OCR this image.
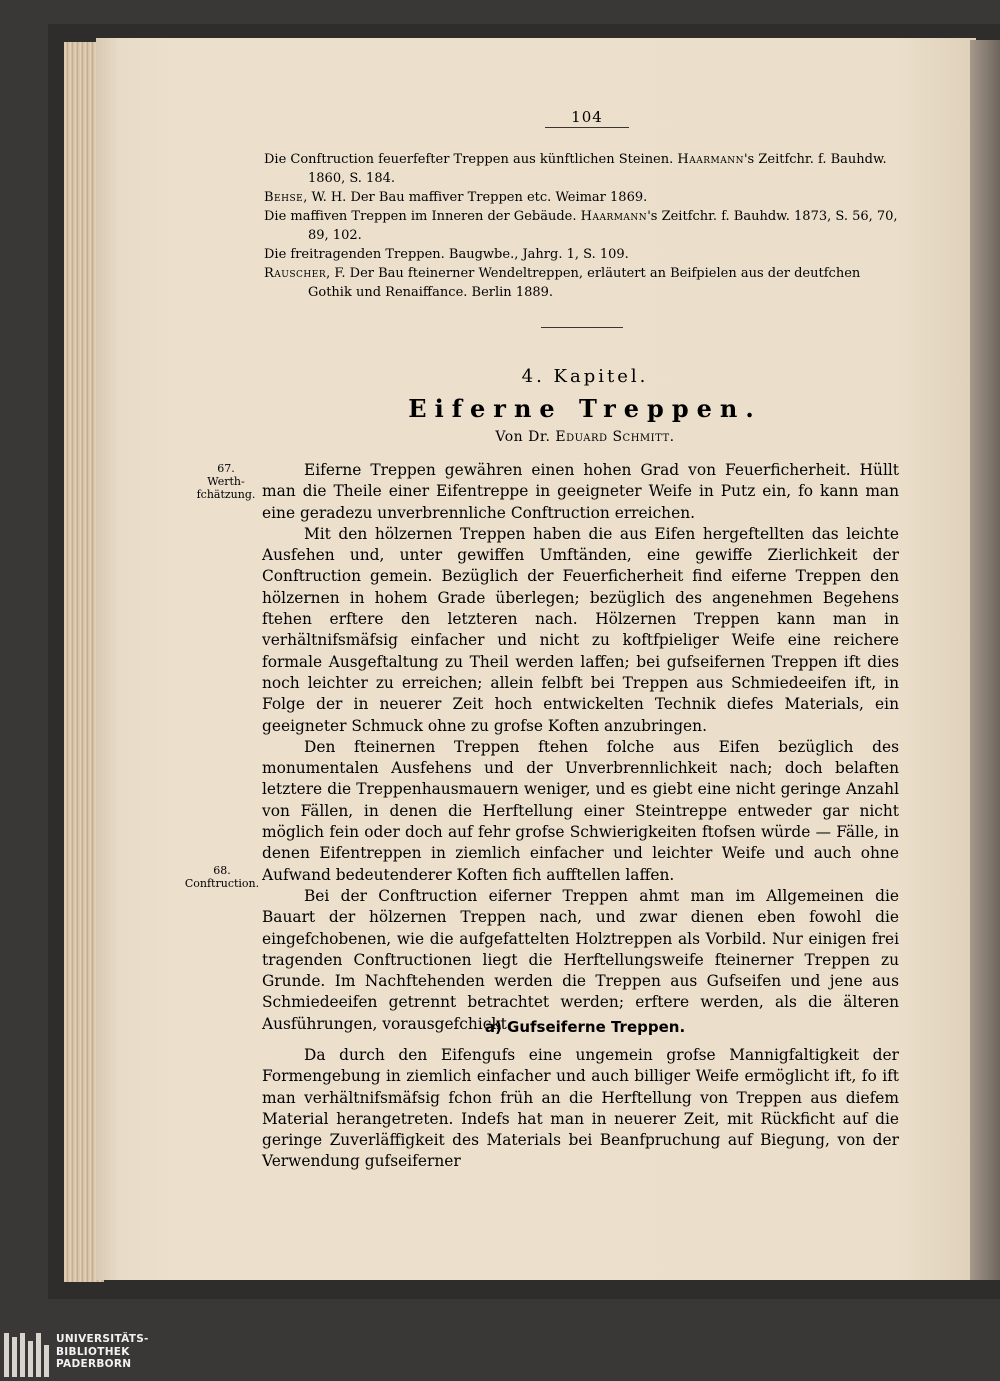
104

Die Conftruction feuerfefter Treppen aus künftlichen Steinen. Haarmann's Zeitfchr. f. Bauhdw. 1860, S. 184.

Behse, W. H. Der Bau maffiver Treppen etc. Weimar 1869.

Die maffiven Treppen im Inneren der Gebäude. Haarmann's Zeitfchr. f. Bauhdw. 1873, S. 56, 70, 89, 102.

Die freitragenden Treppen. Baugwbe., Jahrg. 1, S. 109.

Rauscher, F. Der Bau fteinerner Wendeltreppen, erläutert an Beifpielen aus der deutfchen Gothik und Renaiffance. Berlin 1889.

4. Kapitel.
Eiferne Treppen.
Von Dr. Eduard Schmitt.
67.
Werth-
fchätzung.
68.
Conftruction.

Eiferne Treppen gewähren einen hohen Grad von Feuerficherheit. Hüllt man die Theile einer Eifentreppe in geeigneter Weife in Putz ein, fo kann man eine geradezu unverbrennliche Conftruction erreichen.

Mit den hölzernen Treppen haben die aus Eifen hergeftellten das leichte Ausfehen und, unter gewiffen Umftänden, eine gewiffe Zierlichkeit der Conftruction gemein. Bezüglich der Feuerficherheit find eiferne Treppen den hölzernen in hohem Grade überlegen; bezüglich des angenehmen Begehens ftehen erftere den letzteren nach. Hölzernen Treppen kann man in verhältnifsmäfsig einfacher und nicht zu koftfpieliger Weife eine reichere formale Ausgeftaltung zu Theil werden laffen; bei gufseifernen Treppen ift dies noch leichter zu erreichen; allein felbft bei Treppen aus Schmiedeeifen ift, in Folge der in neuerer Zeit hoch entwickelten Technik diefes Materials, ein geeigneter Schmuck ohne zu grofse Koften anzubringen.

Den fteinernen Treppen ftehen folche aus Eifen bezüglich des monumentalen Ausfehens und der Unverbrennlichkeit nach; doch belaften letztere die Treppenhausmauern weniger, und es giebt eine nicht geringe Anzahl von Fällen, in denen die Herftellung einer Steintreppe entweder gar nicht möglich fein oder doch auf fehr grofse Schwierigkeiten ftofsen würde — Fälle, in denen Eifentreppen in ziemlich einfacher und leichter Weife und auch ohne Aufwand bedeutenderer Koften fich aufftellen laffen.

Bei der Conftruction eiferner Treppen ahmt man im Allgemeinen die Bauart der hölzernen Treppen nach, und zwar dienen eben fowohl die eingefchobenen, wie die aufgefattelten Holztreppen als Vorbild. Nur einigen frei tragenden Conftructionen liegt die Herftellungsweife fteinerner Treppen zu Grunde. Im Nachftehenden werden die Treppen aus Gufseifen und jene aus Schmiedeeifen getrennt betrachtet werden; erftere werden, als die älteren Ausführungen, vorausgefchickt.

a) Gufseiferne Treppen.

Da durch den Eifengufs eine ungemein grofse Mannigfaltigkeit der Formengebung in ziemlich einfacher und auch billiger Weife ermöglicht ift, fo ift man verhältnifsmäfsig fchon früh an die Herftellung von Treppen aus diefem Material herangetreten. Indefs hat man in neuerer Zeit, mit Rückficht auf die geringe Zuverläffigkeit des Materials bei Beanfpruchung auf Biegung, von der Verwendung gufseiferner

UNIVERSITÄTS-
BIBLIOTHEK
PADERBORN
